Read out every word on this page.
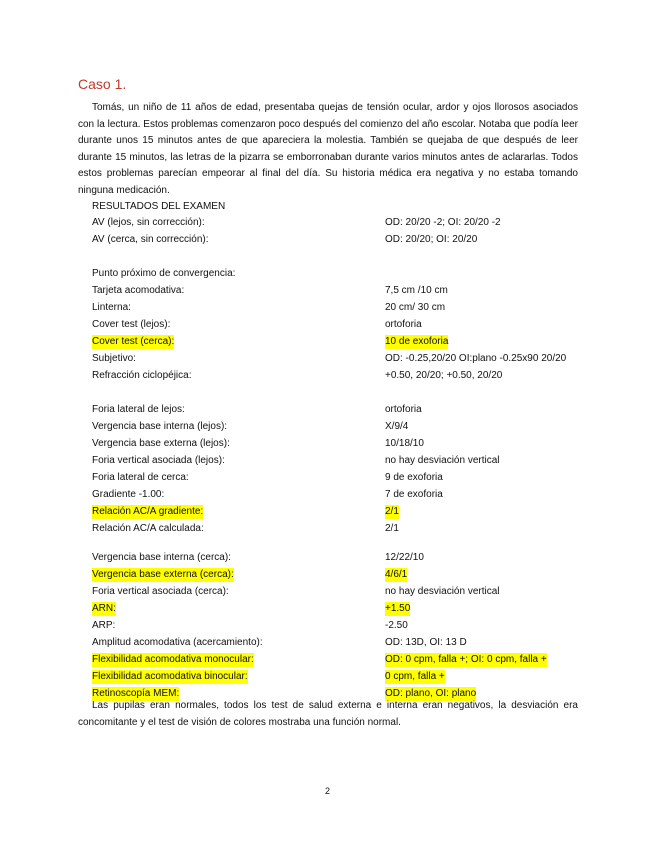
Caso 1.
Tomás, un niño de 11 años de edad, presentaba quejas de tensión ocular, ardor y ojos llorosos asociados con la lectura. Estos problemas comenzaron poco después del comienzo del año escolar. Notaba que podía leer durante unos 15 minutos antes de que apareciera la molestia. También se quejaba de que después de leer durante 15 minutos, las letras de la pizarra se emborronaban durante varios minutos antes de aclararlas. Todos estos problemas parecían empeorar al final del día. Su historia médica era negativa y no estaba tomando ninguna medicación.
RESULTADOS DEL EXAMEN
AV (lejos, sin corrección):	OD: 20/20 -2; OI: 20/20 -2
AV (cerca, sin corrección):	OD: 20/20; OI: 20/20
Punto próximo de convergencia:
Tarjeta acomodativa:	7,5 cm /10 cm
Linterna:	20 cm/ 30 cm
Cover test (lejos):	ortoforia
Cover test (cerca):	10 de exoforia
Subjetivo:	OD: -0.25,20/20 OI:plano -0.25x90 20/20
Refracción ciclopéjica:	+0.50, 20/20; +0.50, 20/20
Foria lateral de lejos:	ortoforia
Vergencia base interna (lejos):	X/9/4
Vergencia base externa (lejos):	10/18/10
Foria vertical asociada (lejos):	no hay desviación vertical
Foria lateral de cerca:	9 de exoforia
Gradiente -1.00:	7 de exoforia
Relación AC/A gradiente:	2/1
Relación AC/A calculada:	2/1
Vergencia base interna (cerca):	12/22/10
Vergencia base externa (cerca):	4/6/1
Foria vertical asociada (cerca):	no hay desviación vertical
ARN:	+1.50
ARP:	-2.50
Amplitud acomodativa (acercamiento):	OD: 13D, OI: 13 D
Flexibilidad acomodativa monocular:	OD: 0 cpm, falla +; OI: 0 cpm, falla +
Flexibilidad acomodativa binocular:	0 cpm, falla +
Retinoscopía MEM:	OD: plano, OI: plano
Las pupilas eran normales, todos los test de salud externa e interna eran negativos, la desviación era concomitante y el test de visión de colores mostraba una función normal.
2
